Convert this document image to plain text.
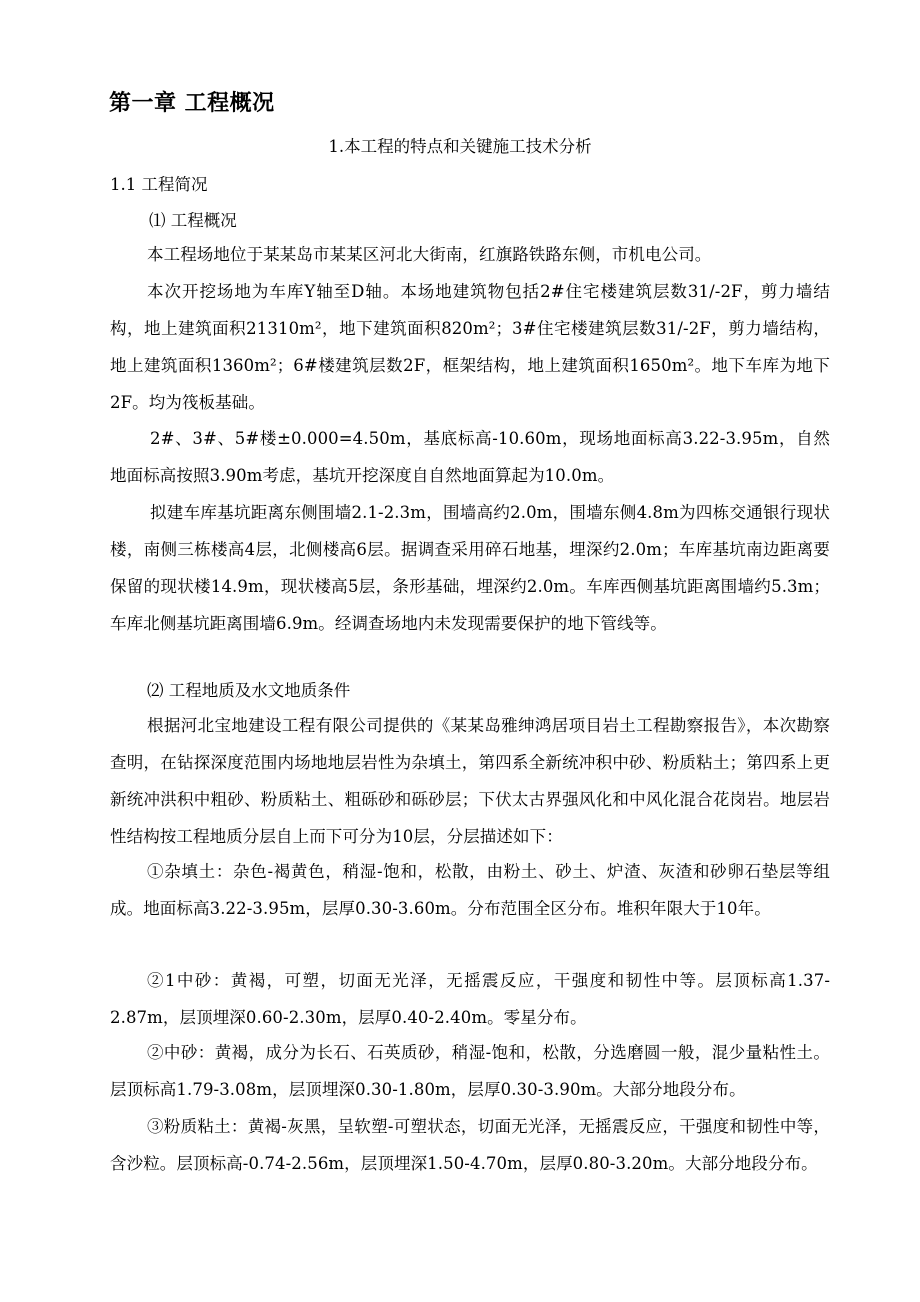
第一章 工程概况
1.本工程的特点和关键施工技术分析
1.1 工程简况
⑴ 工程概况

本工程场地位于某某岛市某某区河北大街南，红旗路铁路东侧，市机电公司。

本次开挖场地为车库Y轴至D轴。本场地建筑物包括2#住宅楼建筑层数31/-2F，剪力墙结构，地上建筑面积21310m²，地下建筑面积820m²；3#住宅楼建筑层数31/-2F，剪力墙结构，地上建筑面积1360m²；6#楼建筑层数2F，框架结构，地上建筑面积1650m²。地下车库为地下2F。均为筏板基础。

2#、3#、5#楼±0.000=4.50m，基底标高-10.60m，现场地面标高3.22-3.95m，自然地面标高按照3.90m考虑，基坑开挖深度自自然地面算起为10.0m。

拟建车库基坑距离东侧围墙2.1-2.3m，围墙高约2.0m，围墙东侧4.8m为四栋交通银行现状楼，南侧三栋楼高4层，北侧楼高6层。据调查采用碎石地基，埋深约2.0m；车库基坑南边距离要保留的现状楼14.9m，现状楼高5层，条形基础，埋深约2.0m。车库西侧基坑距离围墙约5.3m；车库北侧基坑距离围墙6.9m。经调查场地内未发现需要保护的地下管线等。

⑵ 工程地质及水文地质条件

根据河北宝地建设工程有限公司提供的《某某岛雅绅鸿居项目岩土工程勘察报告》，本次勘察查明，在钻探深度范围内场地地层岩性为杂填土，第四系全新统冲积中砂、粉质粘土；第四系上更新统冲洪积中粗砂、粉质粘土、粗砾砂和砾砂层；下伏太古界强风化和中风化混合花岗岩。地层岩性结构按工程地质分层自上而下可分为10层，分层描述如下：

①杂填土：杂色-褐黄色，稍湿-饱和，松散，由粉土、砂土、炉渣、灰渣和砂卵石垫层等组成。地面标高3.22-3.95m，层厚0.30-3.60m。分布范围全区分布。堆积年限大于10年。

②1中砂：黄褐，可塑，切面无光泽，无摇震反应，干强度和韧性中等。层顶标高1.37-2.87m，层顶埋深0.60-2.30m，层厚0.40-2.40m。零星分布。

②中砂：黄褐，成分为长石、石英质砂，稍湿-饱和，松散，分选磨圆一般，混少量粘性土。层顶标高1.79-3.08m，层顶埋深0.30-1.80m，层厚0.30-3.90m。大部分地段分布。

③粉质粘土：黄褐-灰黑，呈软塑-可塑状态，切面无光泽，无摇震反应，干强度和韧性中等，含沙粒。层顶标高-0.74-2.56m，层顶埋深1.50-4.70m，层厚0.80-3.20m。大部分地段分布。
